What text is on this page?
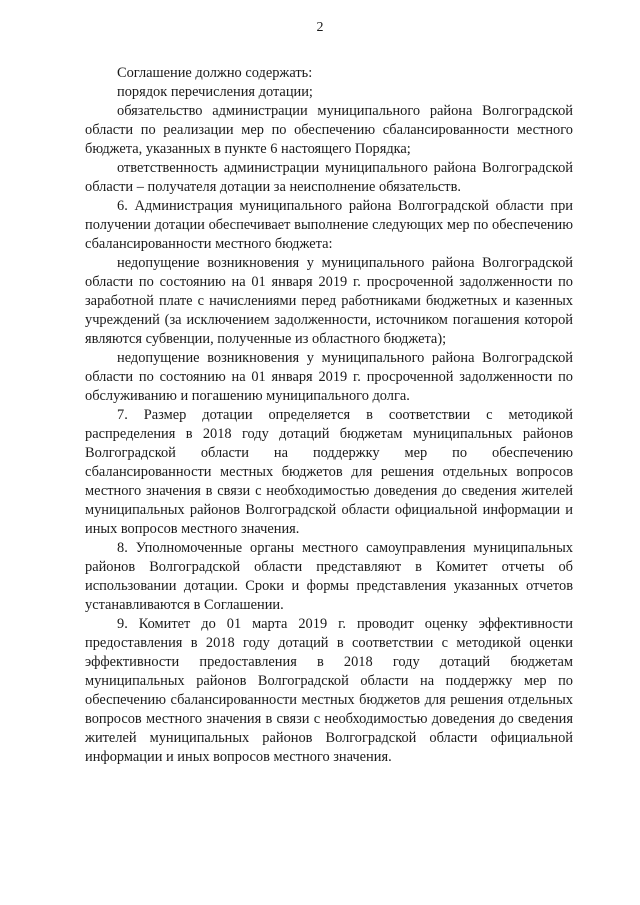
2

Соглашение должно содержать:

порядок перечисления дотации;

обязательство администрации муниципального района Волгоградской области по реализации мер по обеспечению сбалансированности местного бюджета, указанных в пункте 6 настоящего Порядка;

ответственность администрации муниципального района Волгоградской области – получателя дотации за неисполнение обязательств.

6. Администрация муниципального района Волгоградской области при получении дотации обеспечивает выполнение следующих мер по обеспечению сбалансированности местного бюджета:

недопущение возникновения у муниципального района Волгоградской области по состоянию на 01 января 2019 г. просроченной задолженности по заработной плате с начислениями перед работниками бюджетных и казенных учреждений (за исключением задолженности, источником погашения которой являются субвенции, полученные из областного бюджета);

недопущение возникновения у муниципального района Волгоградской области по состоянию на 01 января 2019 г. просроченной задолженности по обслуживанию и погашению муниципального долга.

7. Размер дотации определяется в соответствии с методикой распределения в 2018 году дотаций бюджетам муниципальных районов Волгоградской области на поддержку мер по обеспечению сбалансированности местных бюджетов для решения отдельных вопросов местного значения в связи с необходимостью доведения до сведения жителей муниципальных районов Волгоградской области официальной информации и иных вопросов местного значения.

8. Уполномоченные органы местного самоуправления муниципальных районов Волгоградской области представляют в Комитет отчеты об использовании дотации. Сроки и формы представления указанных отчетов устанавливаются в Соглашении.

9. Комитет до 01 марта 2019 г. проводит оценку эффективности предоставления в 2018 году дотаций в соответствии с методикой оценки эффективности предоставления в 2018 году дотаций бюджетам муниципальных районов Волгоградской области на поддержку мер по обеспечению сбалансированности местных бюджетов для решения отдельных вопросов местного значения в связи с необходимостью доведения до сведения жителей муниципальных районов Волгоградской области официальной информации и иных вопросов местного значения.
